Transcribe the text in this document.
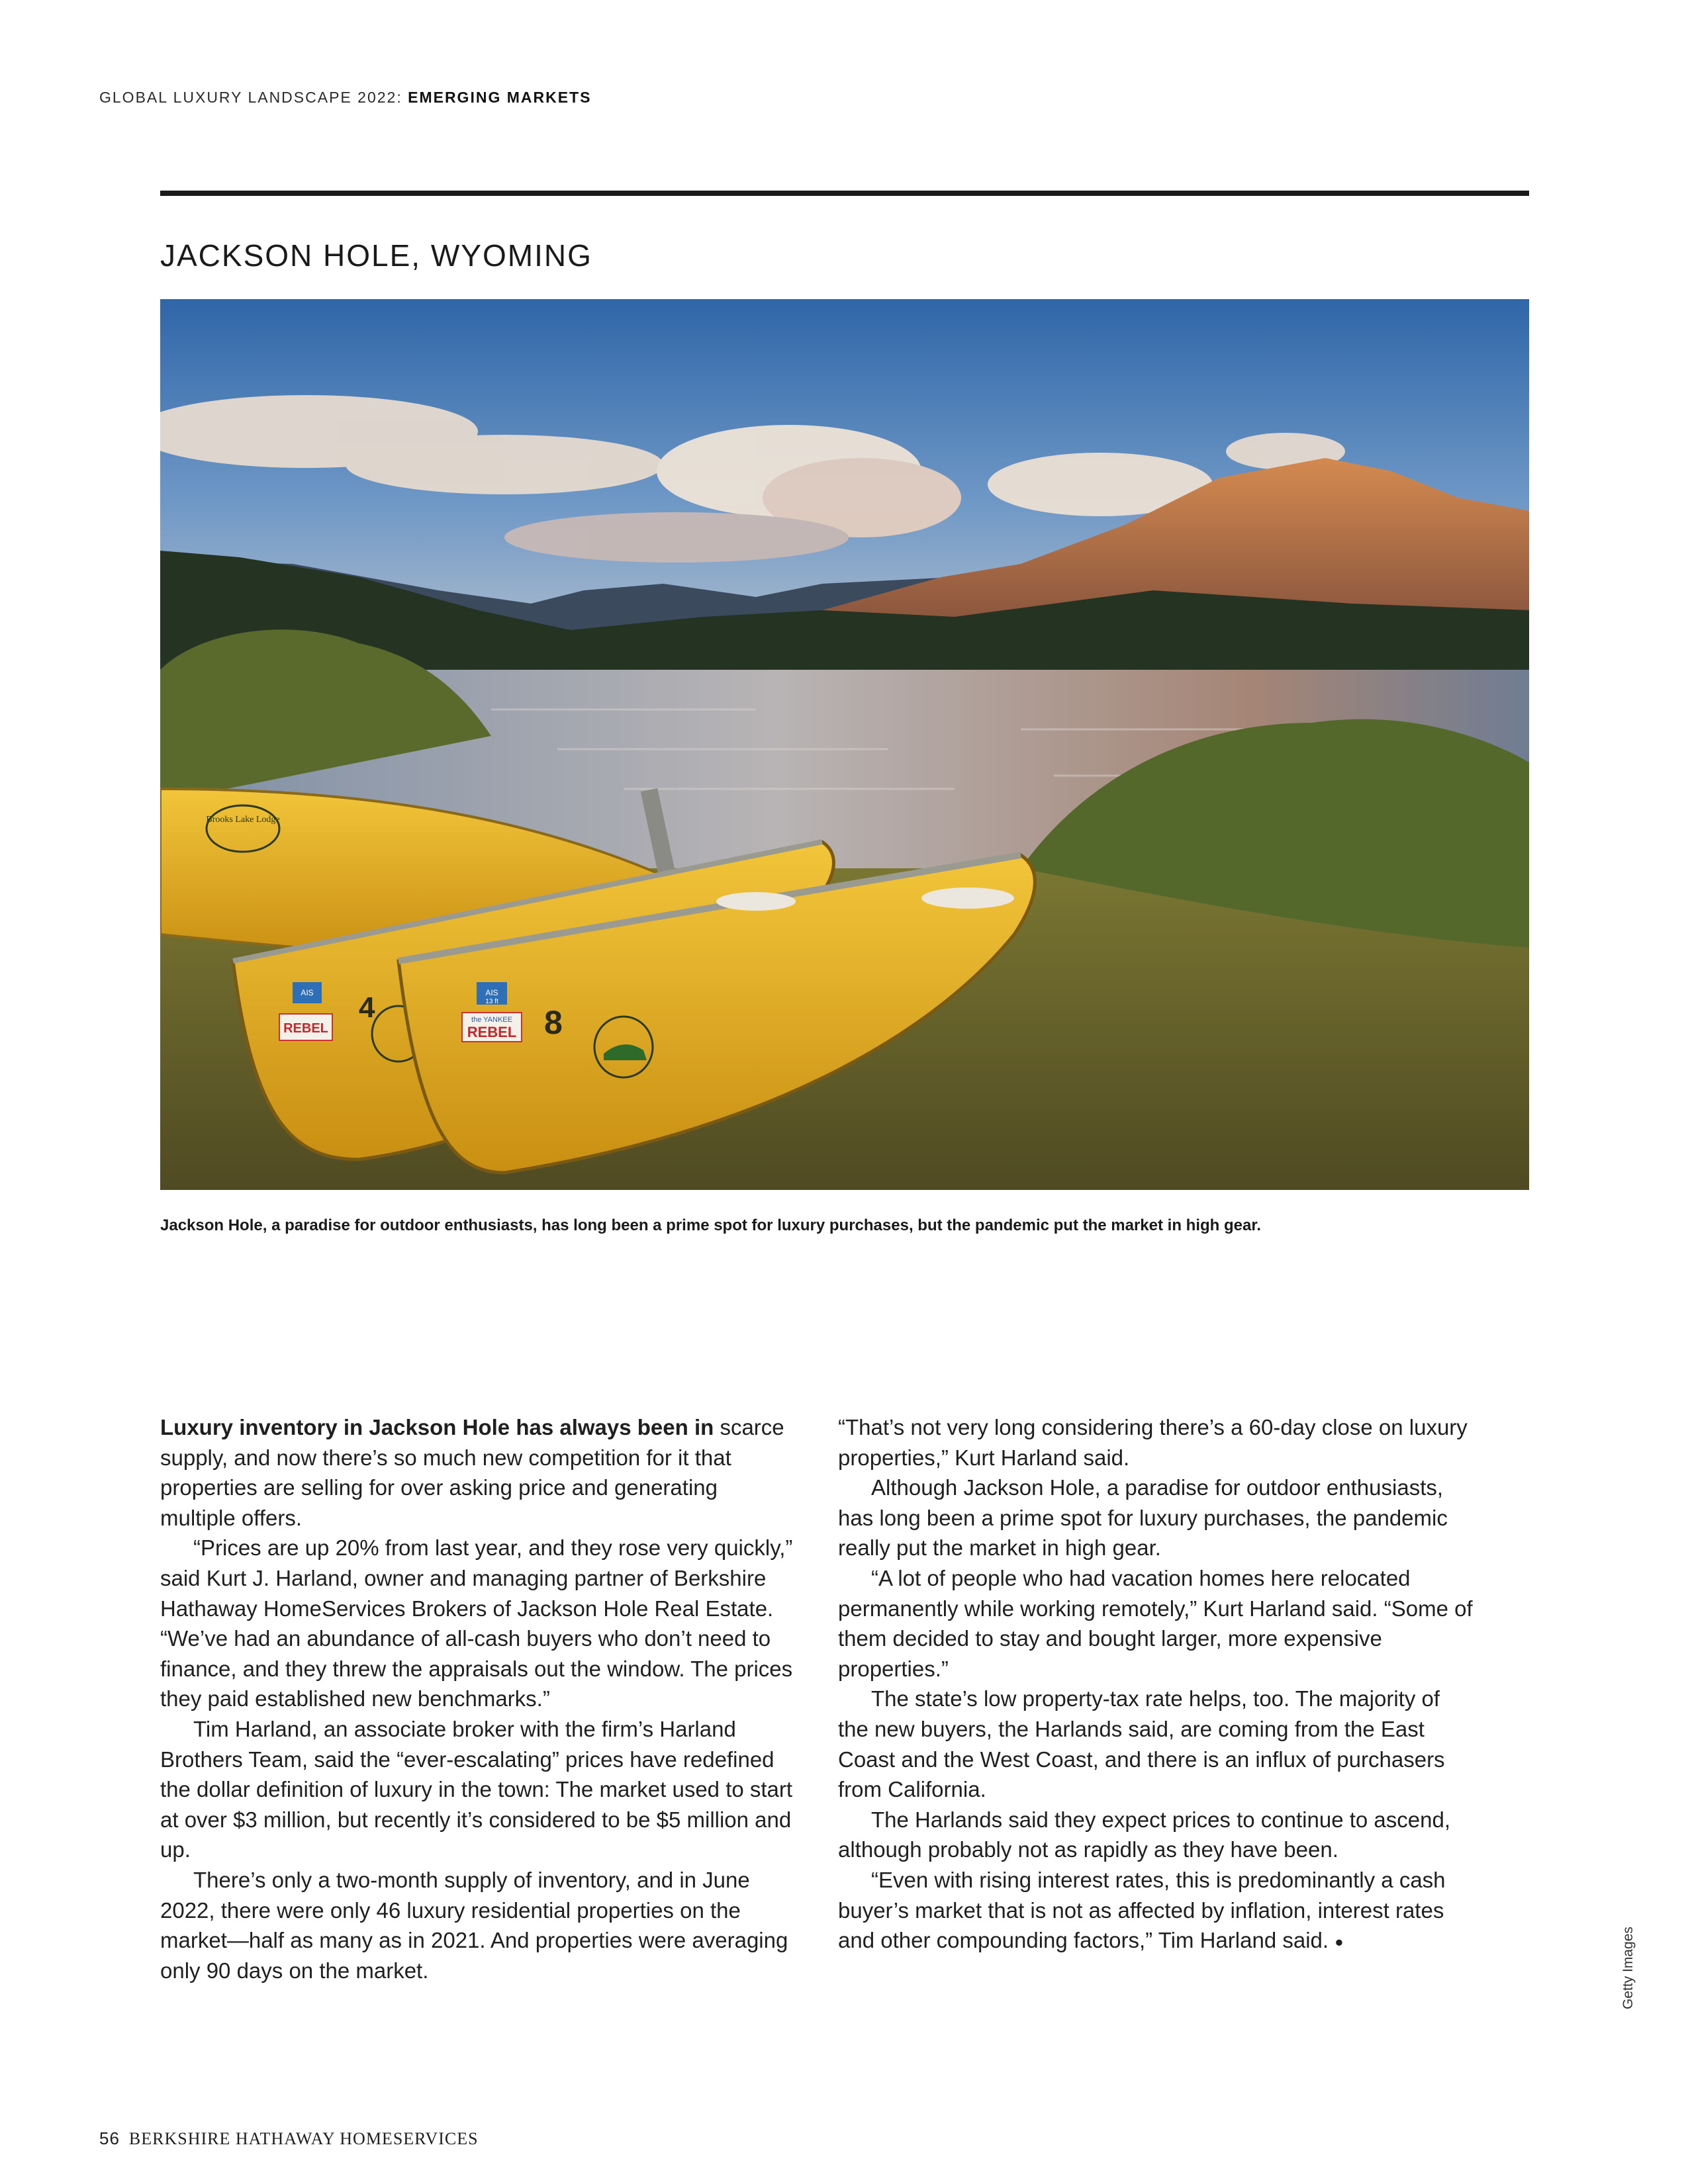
GLOBAL LUXURY LANDSCAPE 2022: EMERGING MARKETS
JACKSON HOLE, WYOMING
Brooks Lake Lodge
AIS
REBEL
4	AIS
13 ft
the YANKEE
REBEL 8
Jackson Hole, a paradise for outdoor enthusiasts, has long been a prime spot for luxury purchases, but the pandemic put the market in high gear.

Luxury inventory in Jackson Hole has always been in scarce supply, and now there’s so much new competition for it that properties are selling for over asking price and generating multiple offers.

“Prices are up 20% from last year, and they rose very quickly,” said Kurt J. Harland, owner and managing partner of Berkshire Hathaway HomeServices Brokers of Jackson Hole Real Estate. “We’ve had an abundance of all-cash buyers who don’t need to finance, and they threw the appraisals out the window. The prices they paid established new benchmarks.”

Tim Harland, an associate broker with the firm’s Harland Brothers Team, said the “ever-escalating” prices have redefined the dollar definition of luxury in the town: The market used to start at over $3 million, but recently it’s considered to be $5 million and up.

There’s only a two-month supply of inventory, and in June 2022, there were only 46 luxury residential properties on the market—half as many as in 2021. And properties were averaging only 90 days on the market.

“That’s not very long considering there’s a 60-day close on luxury properties,” Kurt Harland said.

Although Jackson Hole, a paradise for outdoor enthusiasts, has long been a prime spot for luxury purchases, the pandemic really put the market in high gear.

“A lot of people who had vacation homes here relocated permanently while working remotely,” Kurt Harland said. “Some of them decided to stay and bought larger, more expensive properties.”

The state’s low property-tax rate helps, too. The majority of the new buyers, the Harlands said, are coming from the East Coast and the West Coast, and there is an influx of purchasers from California.

The Harlands said they expect prices to continue to ascend, although probably not as rapidly as they have been.

“Even with rising interest rates, this is predominantly a cash buyer’s market that is not as affected by inflation, interest rates and other compounding factors,” Tim Harland said. ●	Getty Images
56 BERKSHIRE HATHAWAY HOMESERVICES
